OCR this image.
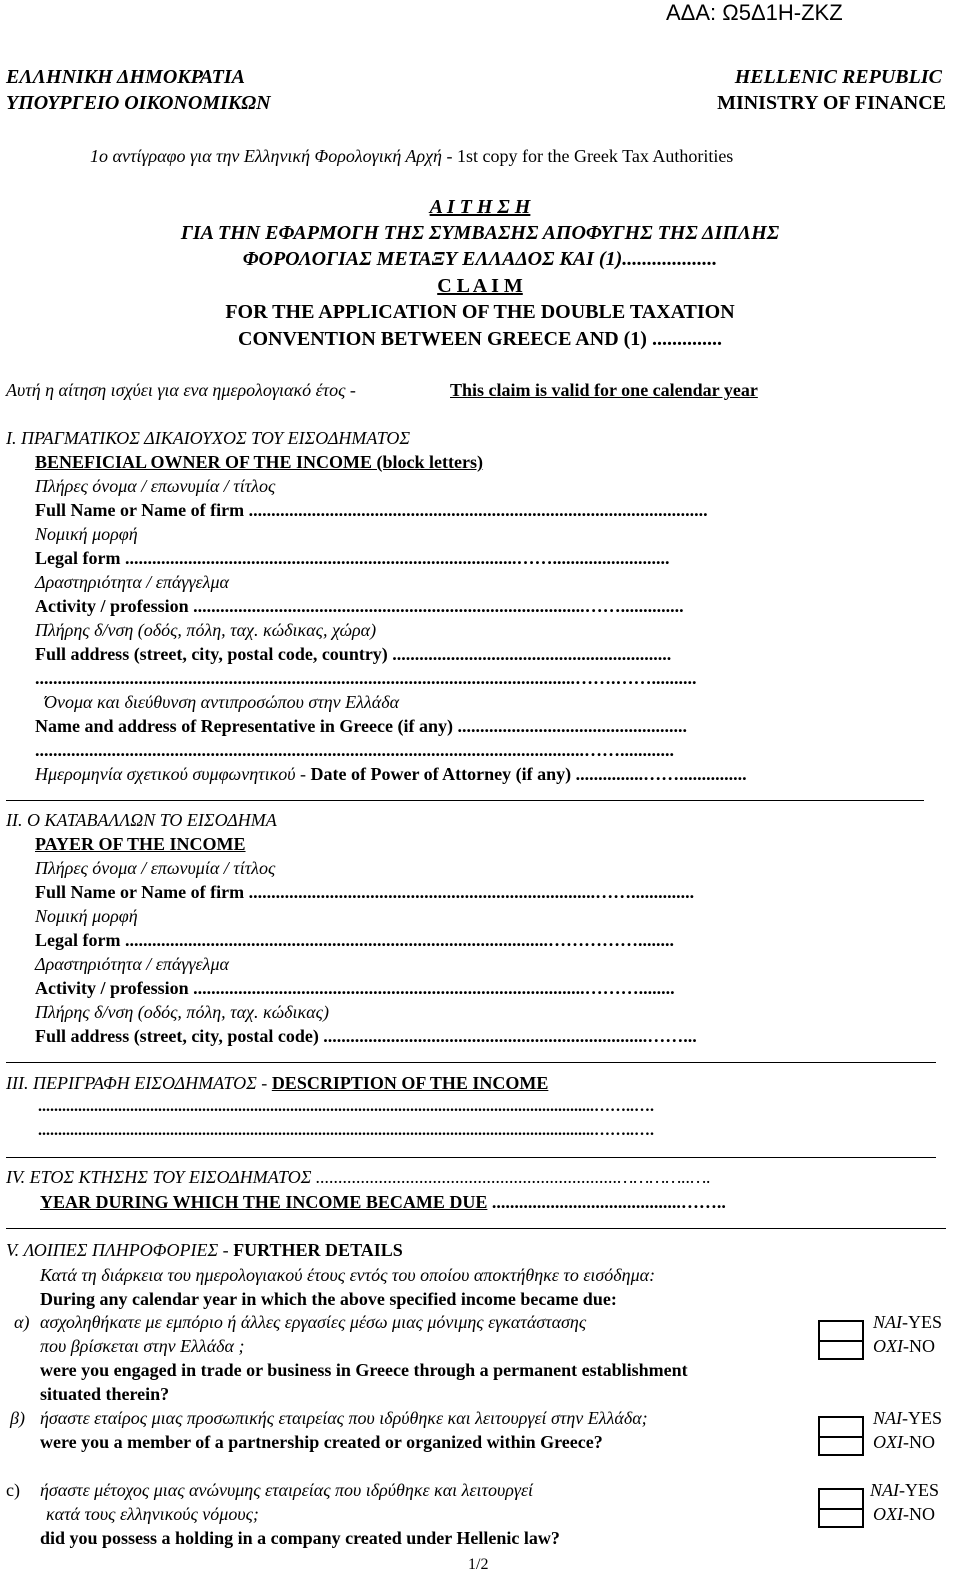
ΑΔΑ: Ω5Δ1Η-ΖΚΖ
ΕΛΛΗΝΙΚΗ ΔΗΜΟΚΡΑΤΙΑ
ΥΠΟΥΡΓΕΙΟ ΟΙΚΟΝΟΜΙΚΩΝ
HELLENIC REPUBLIC
MINISTRY OF FINANCE
1ο αντίγραφο για την Ελληνική Φορολογική Αρχή - 1st copy for the Greek Tax Authorities
Α Ι Τ Η Σ Η
ΓΙΑ ΤΗΝ ΕΦΑΡΜΟΓΗ ΤΗΣ ΣΥΜΒΑΣΗΣ ΑΠΟΦΥΓΗΣ ΤΗΣ ΔΙΠΛΗΣ
ΦΟΡΟΛΟΓΙΑΣ ΜΕΤΑΞΥ ΕΛΛΑΔΟΣ ΚΑΙ (1)...................
C L A I M
FOR THE APPLICATION OF THE DOUBLE TAXATION
CONVENTION BETWEEN GREECE AND (1) ..............
Αυτή η αίτηση ισχύει για ενα ημερολογιακό έτος -	This claim is valid for one calendar year
Ι. ΠΡΑΓΜΑΤΙΚΟΣ ΔΙΚΑΙΟΥΧΟΣ ΤΟΥ ΕΙΣΟΔΗΜΑΤΟΣ
BENEFICIAL OWNER OF THE INCOME (block letters)
Πλήρες όνομα / επωνυμία / τίτλος
Full Name or Name of firm ......................................................................................................
Νομική μορφή
Legal form .......................................................................................……..........................
Δραστηριότητα / επάγγελμα
Activity / profession .......................................................................................……..............
Πλήρης δ/νση (οδός, πόλη, ταχ. κώδικας, χώρα)
Full address (street, city, postal code, country) ..............................................................
........................................................................................................................…….……..........
Όνομα και διεύθυνση αντιπροσώπου στην Ελλάδα
Name and address of Representative in Greece (if any) ...................................................
..........................................................................................................................……............
Ημερομηνία σχετικού συμφωνητικού - Date of Power of Attorney (if any) ...............……...............
ΙΙ. Ο ΚΑΤΑΒΑΛΛΩΝ ΤΟ ΕΙΣΟΔΗΜΑ
PAYER OF THE INCOME
Πλήρες όνομα / επωνυμία / τίτλος
Full Name or Name of firm .............................................................................……..............
Νομική μορφή
Legal form ..............................................................................................……………........
Δραστηριότητα / επάγγελμα
Activity / profession .......................................................................................………........
Πλήρης δ/νση (οδός, πόλη, ταχ. κώδικας)
Full address (street, city, postal code) ........................................................................……...
ΙΙΙ. ΠΕΡΙΓΡΑΦΗ ΕΙΣΟΔΗΜΑΤΟΣ - DESCRIPTION OF THE INCOME
...........................................................................................................................................……..….
...........................................................................................................................................……..….
ΙV. ΕΤΟΣ ΚΤΗΣΗΣ ΤΟΥ ΕΙΣΟΔΗΜΑΤΟΣ ...................................................................…………..….
YEAR DURING WHICH THE INCOME BECAME DUE ..........................................……..
V. ΛΟΙΠΕΣ ΠΛΗΡΟΦΟΡΙΕΣ - FURTHER DETAILS
Κατά τη διάρκεια του ημερολογιακού έτους εντός του οποίου αποκτήθηκε το εισόδημα:
During any calendar year in which the above specified income became due:
α) ασχοληθήκατε με εμπόριο ή άλλες εργασίες μέσω μιας μόνιμης εγκατάστασης
που βρίσκεται στην Ελλάδα ;
were you engaged in trade or business in Greece through a permanent establishment
situated therein?
ΝΑΙ-YES
ΟΧΙ-NO
β) ήσαστε εταίρος μιας προσωπικής εταιρείας που ιδρύθηκε και λειτουργεί στην Ελλάδα;
were you a member of a partnership created or organized within Greece?
ΝΑΙ-YES
ΟΧΙ-NO
c) ήσαστε μέτοχος μιας ανώνυμης εταιρείας που ιδρύθηκε και λειτουργεί
κατά τους ελληνικούς νόμους;
did you possess a holding in a company created under Hellenic law?
ΝΑΙ-YES
ΟΧΙ-NO
1/2
